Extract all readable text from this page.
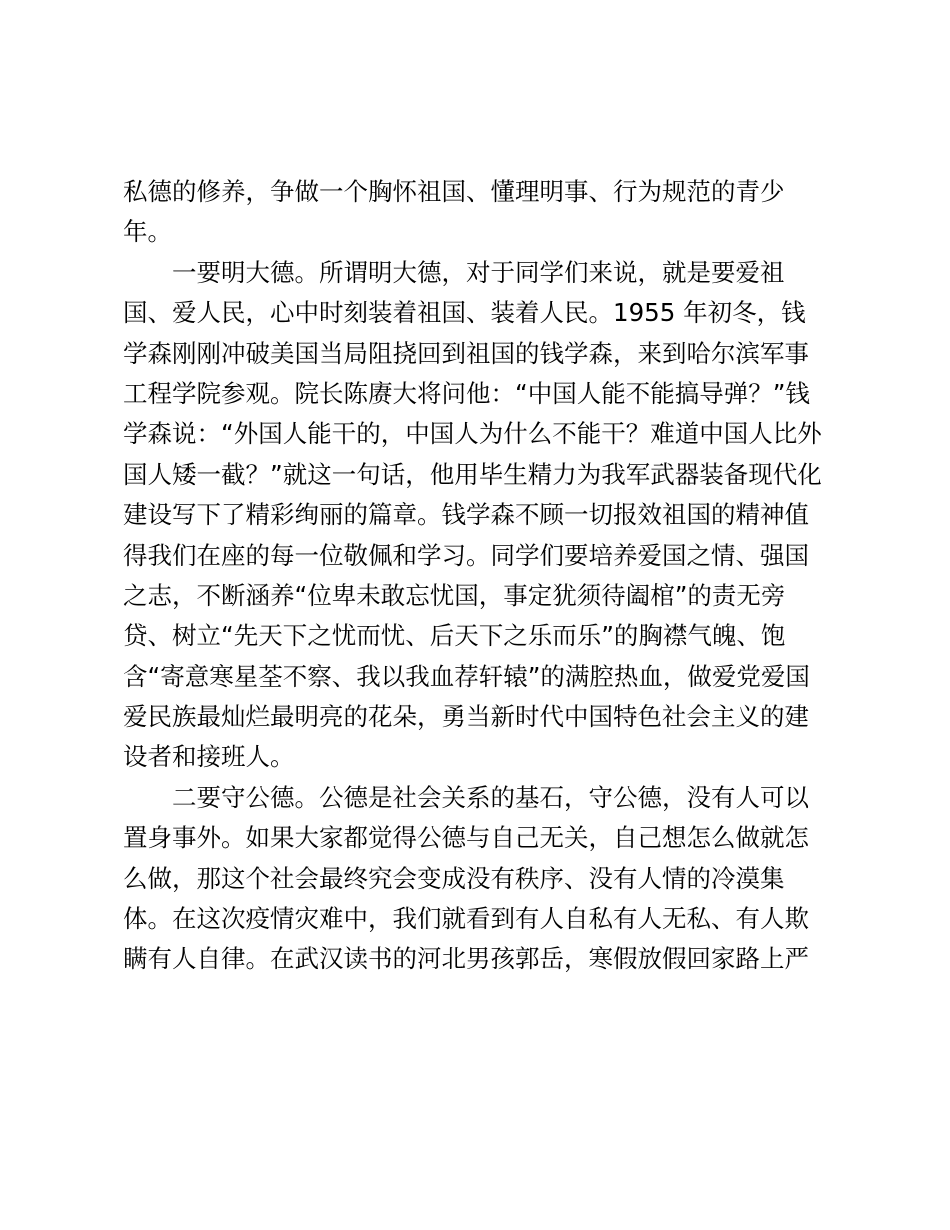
私德的修养，争做一个胸怀祖国、懂理明事、行为规范的青少
年。
　　一要明大德。所谓明大德，对于同学们来说，就是要爱祖
国、爱人民，心中时刻装着祖国、装着人民。1955 年初冬，钱
学森刚刚冲破美国当局阻挠回到祖国的钱学森，来到哈尔滨军事
工程学院参观。院长陈赓大将问他：“中国人能不能搞导弹？”钱
学森说：“外国人能干的，中国人为什么不能干？难道中国人比外
国人矮一截？”就这一句话，他用毕生精力为我军武器装备现代化
建设写下了精彩绚丽的篇章。钱学森不顾一切报效祖国的精神值
得我们在座的每一位敬佩和学习。同学们要培养爱国之情、强国
之志，不断涵养“位卑未敢忘忧国，事定犹须待阖棺”的责无旁
贷、树立“先天下之忧而忧、后天下之乐而乐”的胸襟气魄、饱
含“寄意寒星荃不察、我以我血荐轩辕”的满腔热血，做爱党爱国
爱民族最灿烂最明亮的花朵，勇当新时代中国特色社会主义的建
设者和接班人。
　　二要守公德。公德是社会关系的基石，守公德，没有人可以
置身事外。如果大家都觉得公德与自己无关，自己想怎么做就怎
么做，那这个社会最终究会变成没有秩序、没有人情的冷漠集
体。在这次疫情灾难中，我们就看到有人自私有人无私、有人欺
瞒有人自律。在武汉读书的河北男孩郭岳，寒假放假回家路上严
